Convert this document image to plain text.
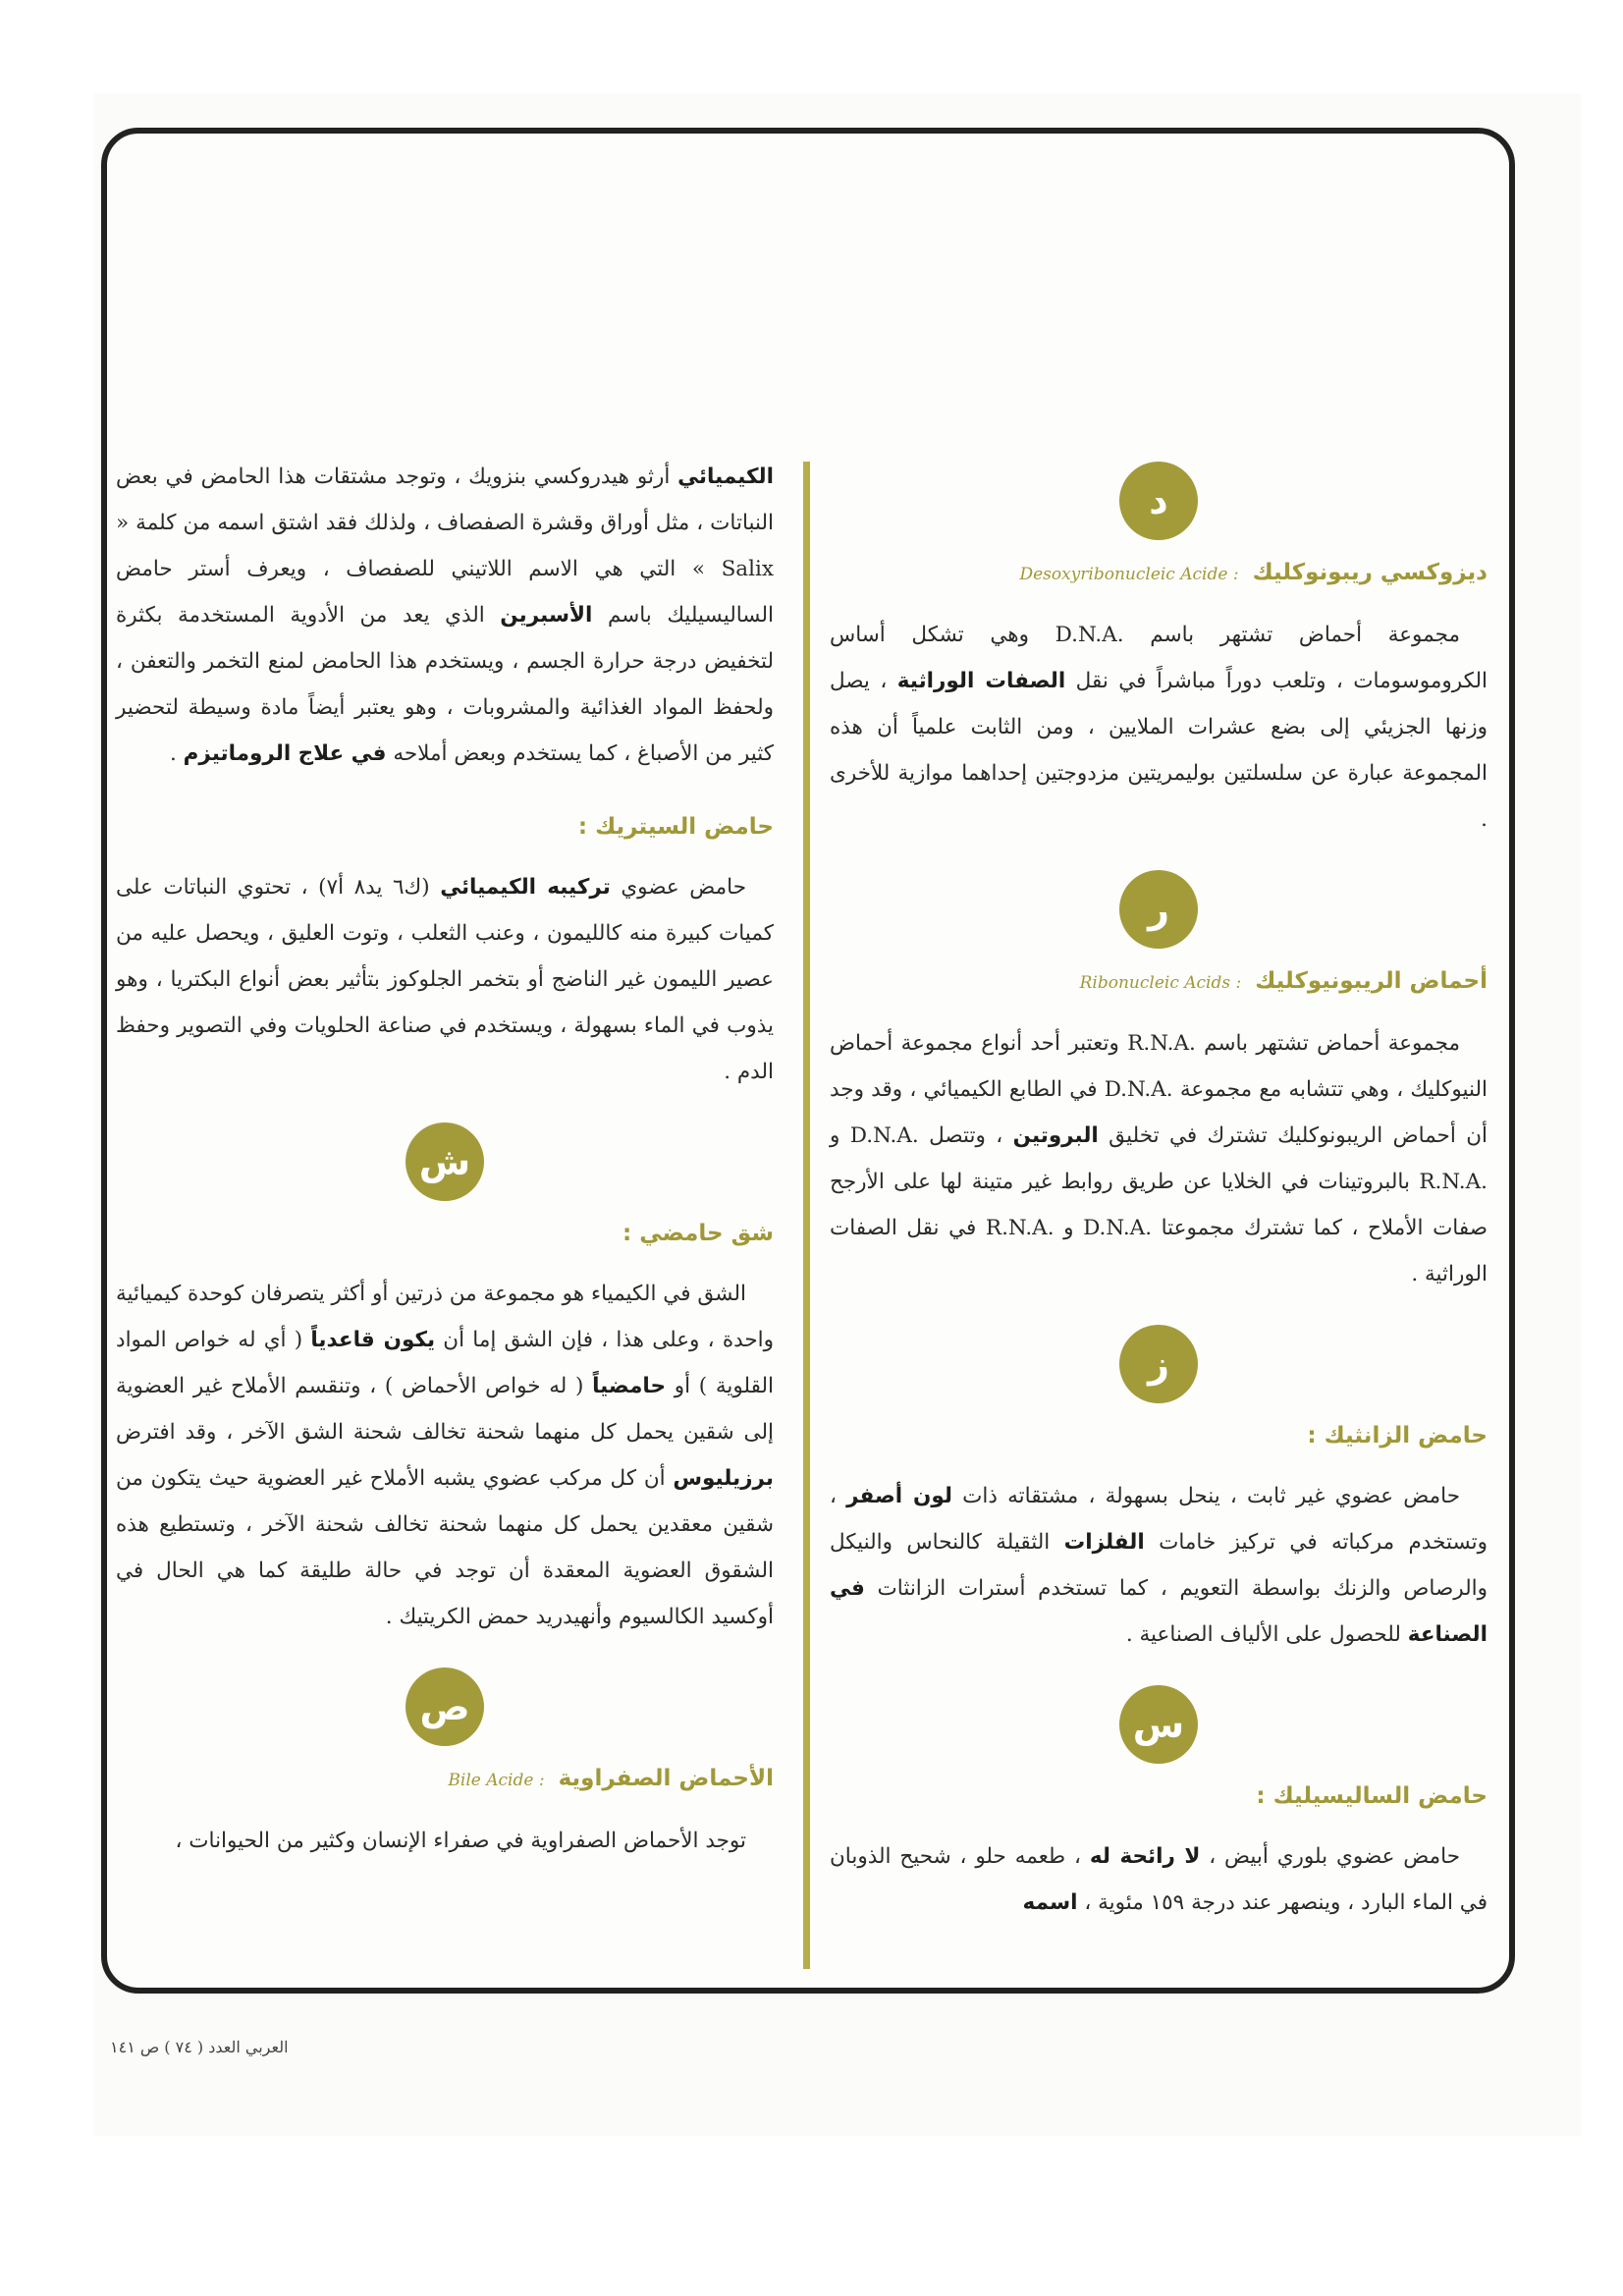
د
ديزوكسي ريبونوكليك : Desoxyribonucleic Acide

مجموعة أحماض تشتهر باسم .D.N.A وهي تشكل أساس الكروموسومات ، وتلعب دوراً مباشراً في نقل الصفات الوراثية ، يصل وزنها الجزيئي إلى بضع عشرات الملايين ، ومن الثابت علمياً أن هذه المجموعة عبارة عن سلسلتين بوليمريتين مزدوجتين إحداهما موازية للأخرى .

ر
أحماض الريبونيوكليك : Ribonucleic Acids

مجموعة أحماض تشتهر باسم .R.N.A وتعتبر أحد أنواع مجموعة أحماض النيوكليك ، وهي تتشابه مع مجموعة .D.N.A في الطابع الكيميائي ، وقد وجد أن أحماض الريبونوكليك تشترك في تخليق البروتين ، وتتصل .D.N.A و .R.N.A بالبروتينات في الخلايا عن طريق روابط غير متينة لها على الأرجح صفات الأملاح ، كما تشترك مجموعتا .D.N.A و .R.N.A في نقل الصفات الوراثية .

ز
حامض الزانثيك :

حامض عضوي غير ثابت ، ينحل بسهولة ، مشتقاته ذات لون أصفر ، وتستخدم مركباته في تركيز خامات الفلزات الثقيلة كالنحاس والنيكل والرصاص والزنك بواسطة التعويم ، كما تستخدم أسترات الزانثات في الصناعة للحصول على الألياف الصناعية .

س
حامض الساليسيليك :

حامض عضوي بلوري أبيض ، لا رائحة له ، طعمه حلو ، شحيح الذوبان في الماء البارد ، وينصهر عند درجة ١٥٩ مئوية ، اسمه

الكيميائي أرثو هيدروكسي بنزويك ، وتوجد مشتقات هذا الحامض في بعض النباتات ، مثل أوراق وقشرة الصفصاف ، ولذلك فقد اشتق اسمه من كلمة « Salix » التي هي الاسم اللاتيني للصفصاف ، ويعرف أستر حامض الساليسيليك باسم الأسبرين الذي يعد من الأدوية المستخدمة بكثرة لتخفيض درجة حرارة الجسم ، ويستخدم هذا الحامض لمنع التخمر والتعفن ، ولحفظ المواد الغذائية والمشروبات ، وهو يعتبر أيضاً مادة وسيطة لتحضير كثير من الأصباغ ، كما يستخدم وبعض أملاحه في علاج الروماتيزم .

حامض السيتريك :

حامض عضوي تركيبه الكيميائي (ك٦ يد٨ أ٧) ، تحتوي النباتات على كميات كبيرة منه كالليمون ، وعنب الثعلب ، وتوت العليق ، ويحصل عليه من عصير الليمون غير الناضج أو بتخمر الجلوكوز بتأثير بعض أنواع البكتريا ، وهو يذوب في الماء بسهولة ، ويستخدم في صناعة الحلويات وفي التصوير وحفظ الدم .

ش
شق حامضي :

الشق في الكيمياء هو مجموعة من ذرتين أو أكثر يتصرفان كوحدة كيميائية واحدة ، وعلى هذا ، فإن الشق إما أن يكون قاعدياً ( أي له خواص المواد القلوية ) أو حامضياً ( له خواص الأحماض ) ، وتنقسم الأملاح غير العضوية إلى شقين يحمل كل منهما شحنة تخالف شحنة الشق الآخر ، وقد افترض برزيليوس أن كل مركب عضوي يشبه الأملاح غير العضوية حيث يتكون من شقين معقدين يحمل كل منهما شحنة تخالف شحنة الآخر ، وتستطيع هذه الشقوق العضوية المعقدة أن توجد في حالة طليقة كما هي الحال في أوكسيد الكالسيوم وأنهيدريد حمض الكريتيك .

ص
الأحماض الصفراوية : Bile Acide

توجد الأحماض الصفراوية في صفراء الإنسان وكثير من الحيوانات ،

العربي العدد ( ٧٤ ) ص ١٤١
